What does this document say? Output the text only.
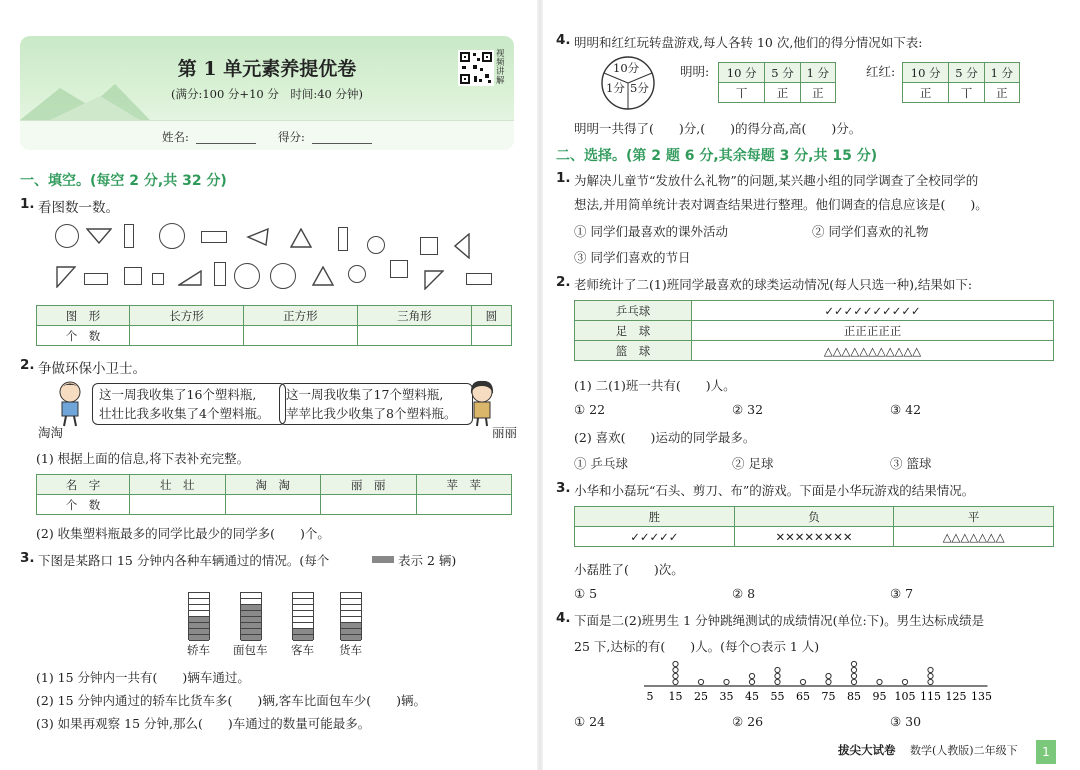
第 1 单元素养提优卷
(满分:100 分+10 分　时间:40 分钟)
视频讲解
姓名:	得分:
一、填空。(每空 2 分,共 32 分)
1. 看图数一数。
图　形	长方形	正方形	三角形	圆
个　数				
2. 争做环保小卫士。
淘淘
这一周我收集了16个塑料瓶,
壮壮比我多收集了4个塑料瓶。
这一周我收集了17个塑料瓶,
苹苹比我少收集了8个塑料瓶。
丽丽
(1) 根据上面的信息,将下表补充完整。
名　字	壮　壮	淘　淘	丽　丽	苹　苹
个　数				
(2) 收集塑料瓶最多的同学比最少的同学多(　　)个。
3. 下图是某路口 15 分钟内各种车辆通过的情况。(每个	表示 2 辆)
轿车 面包车 客车 货车
(1) 15 分钟内一共有(　　)辆车通过。
(2) 15 分钟内通过的轿车比货车多(　　)辆,客车比面包车少(　　)辆。
(3) 如果再观察 15 分钟,那么(　　)车通过的数量可能最多。
4. 明明和红红玩转盘游戏,每人各转 10 次,他们的得分情况如下表:
10分
1分 5分
明明: 10 分	5 分	1 分
丅	正	正
红红: 10 分	5 分	1 分
正	丅	正
明明一共得了(　　)分,(　　)的得分高,高(　　)分。
二、选择。(第 2 题 6 分,其余每题 3 分,共 15 分)
1. 为解决儿童节“发放什么礼物”的问题,某兴趣小组的同学调查了全校同学的
想法,并用简单统计表对调查结果进行整理。他们调查的信息应该是(　　)。
① 同学们最喜欢的课外活动	② 同学们喜欢的礼物
③ 同学们喜欢的节日
2. 老师统计了二(1)班同学最喜欢的球类运动情况(每人只选一种),结果如下:
乒乓球	✓✓✓✓✓✓✓✓✓✓
足　球	正正正正正
篮　球	△△△△△△△△△△△
(1) 二(1)班一共有(　　)人。
① 22	② 32	③ 42
(2) 喜欢(　　)运动的同学最多。
① 乒乓球	② 足球	③ 篮球
3. 小华和小磊玩“石头、剪刀、布”的游戏。下面是小华玩游戏的结果情况。
胜	负	平
✓✓✓✓✓	✕✕✕✕✕✕✕✕	△△△△△△△
小磊胜了(　　)次。
① 5	② 8	③ 7
4. 下面是二(2)班男生 1 分钟跳绳测试的成绩情况(单位:下)。男生达标成绩是
25 下,达标的有(　　)人。(每个○表示 1 人)
5 15 25 35 45 55 65 75 85 95 105 115 125 135
① 24	② 26	③ 30
拔尖大试卷 数学(人教版)二年级下	1
